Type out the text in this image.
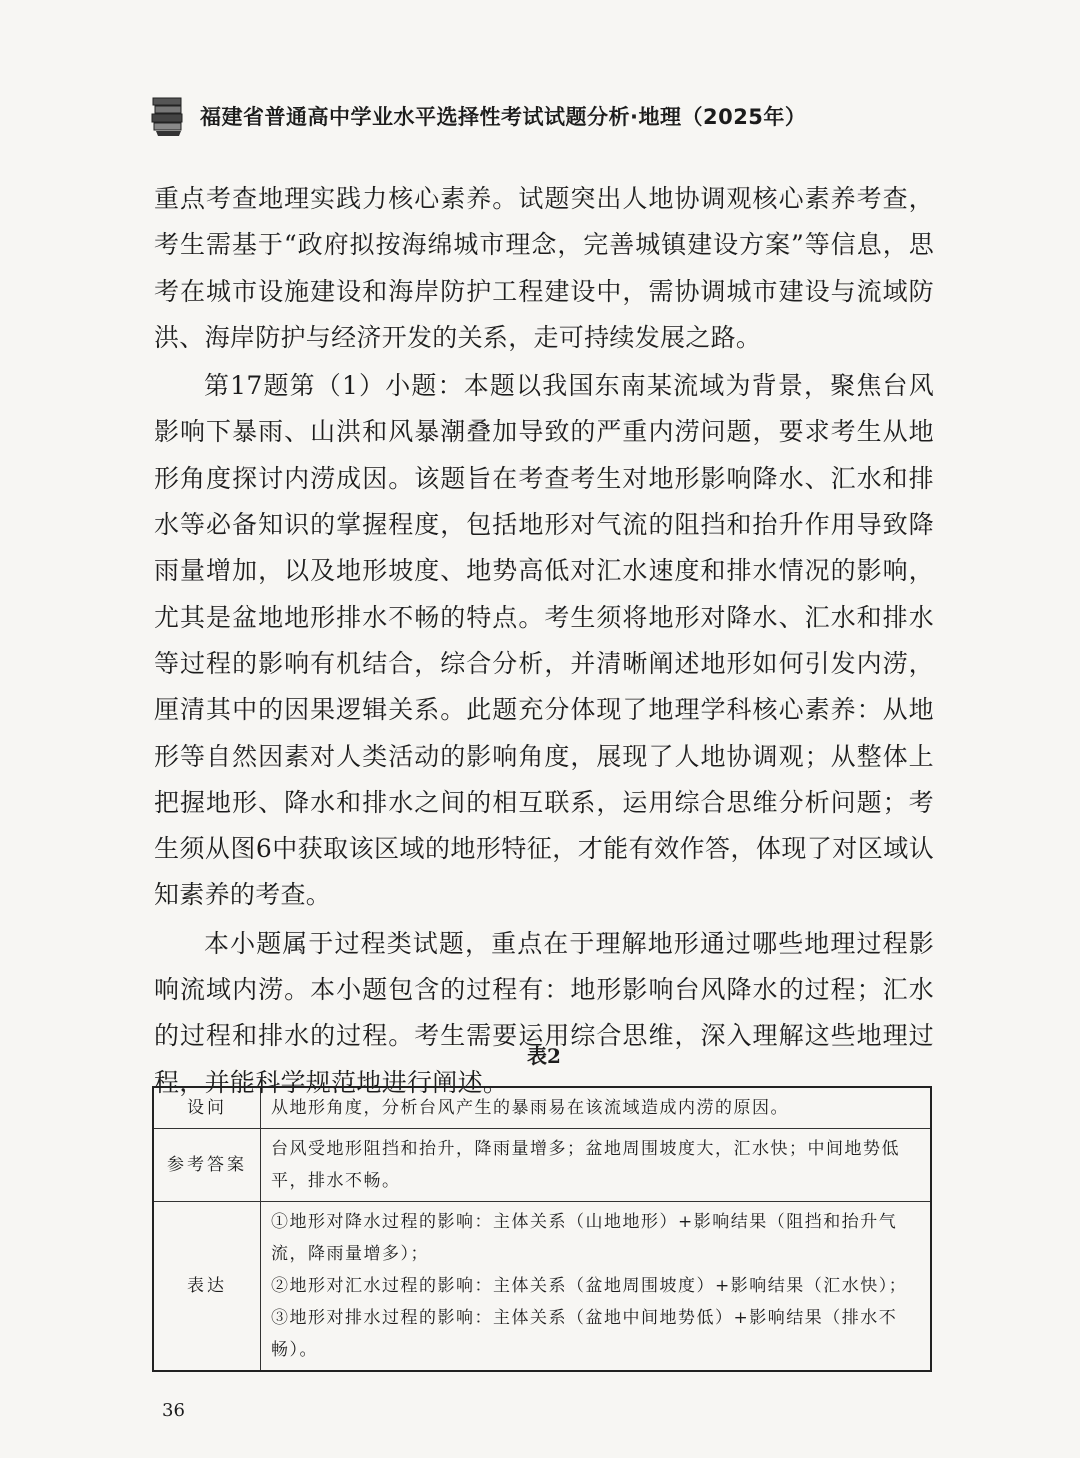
福建省普通高中学业水平选择性考试试题分析·地理（2025年）

重点考查地理实践力核心素养。试题突出人地协调观核心素养考查，考生需基于“政府拟按海绵城市理念，完善城镇建设方案”等信息，思考在城市设施建设和海岸防护工程建设中，需协调城市建设与流域防洪、海岸防护与经济开发的关系，走可持续发展之路。

第17题第（1）小题：本题以我国东南某流域为背景，聚焦台风影响下暴雨、山洪和风暴潮叠加导致的严重内涝问题，要求考生从地形角度探讨内涝成因。该题旨在考查考生对地形影响降水、汇水和排水等必备知识的掌握程度，包括地形对气流的阻挡和抬升作用导致降雨量增加，以及地形坡度、地势高低对汇水速度和排水情况的影响，尤其是盆地地形排水不畅的特点。考生须将地形对降水、汇水和排水等过程的影响有机结合，综合分析，并清晰阐述地形如何引发内涝，厘清其中的因果逻辑关系。此题充分体现了地理学科核心素养：从地形等自然因素对人类活动的影响角度，展现了人地协调观；从整体上把握地形、降水和排水之间的相互联系，运用综合思维分析问题；考生须从图6中获取该区域的地形特征，才能有效作答，体现了对区域认知素养的考查。

本小题属于过程类试题，重点在于理解地形通过哪些地理过程影响流域内涝。本小题包含的过程有：地形影响台风降水的过程；汇水的过程和排水的过程。考生需要运用综合思维，深入理解这些地理过程，并能科学规范地进行阐述。

表2
设问	从地形角度，分析台风产生的暴雨易在该流域造成内涝的原因。
参考答案	台风受地形阻挡和抬升，降雨量增多；盆地周围坡度大，汇水快；中间地势低平，排水不畅。
表达	①地形对降水过程的影响：主体关系（山地地形）+影响结果（阻挡和抬升气流，降雨量增多）；
②地形对汇水过程的影响：主体关系（盆地周围坡度）+影响结果（汇水快）；
③地形对排水过程的影响：主体关系（盆地中间地势低）+影响结果（排水不畅）。
36
